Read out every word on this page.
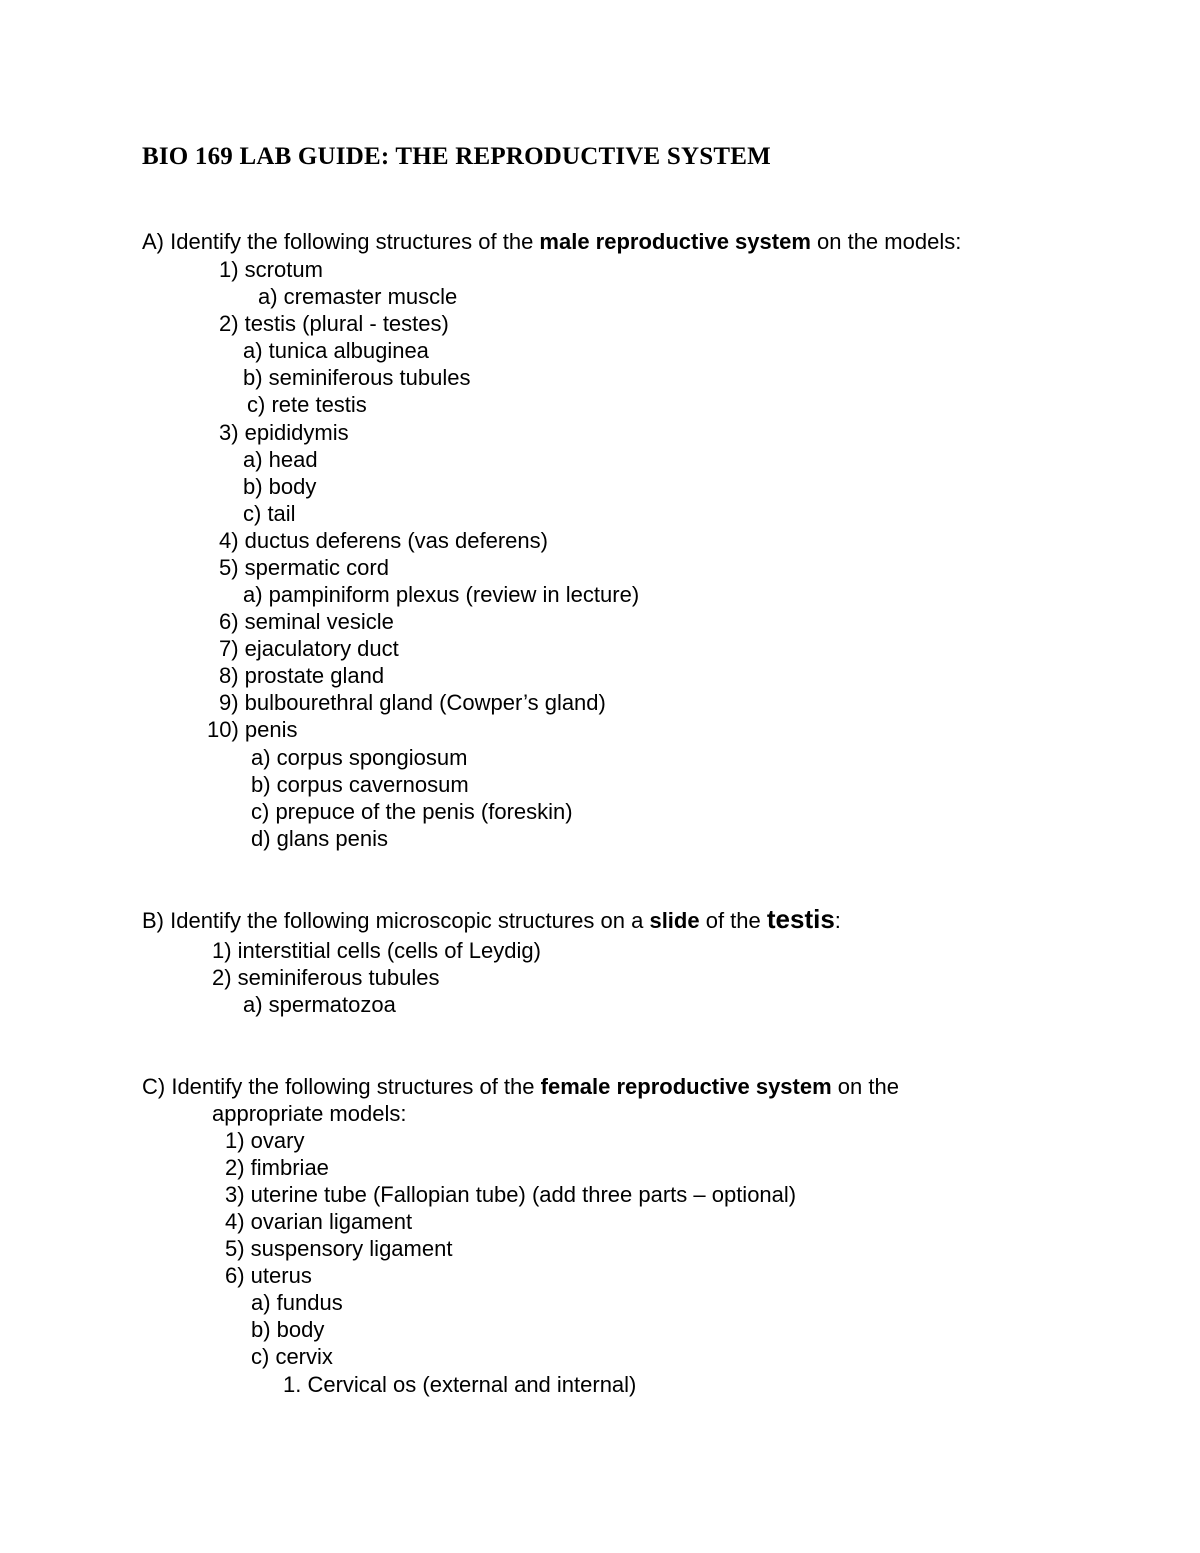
BIO 169 LAB GUIDE: THE REPRODUCTIVE SYSTEM
A) Identify the following structures of the male reproductive system on the models:
1) scrotum
a) cremaster muscle
2) testis (plural - testes)
a) tunica albuginea
b) seminiferous tubules
c) rete testis
3) epididymis
a) head
b) body
c) tail
4) ductus deferens (vas deferens)
5) spermatic cord
a) pampiniform plexus (review in lecture)
6) seminal vesicle
7) ejaculatory duct
8) prostate gland
9) bulbourethral gland (Cowper’s gland)
10) penis
a) corpus spongiosum
b) corpus cavernosum
c) prepuce of the penis (foreskin)
d) glans penis
B) Identify the following microscopic structures on a slide of the testis:
1) interstitial cells (cells of Leydig)
2) seminiferous tubules
a) spermatozoa
C) Identify the following structures of the female reproductive system on the
appropriate models:
1) ovary
2) fimbriae
3) uterine tube (Fallopian tube) (add three parts – optional)
4) ovarian ligament
5) suspensory ligament
6) uterus
a) fundus
b) body
c) cervix
1. Cervical os (external and internal)
